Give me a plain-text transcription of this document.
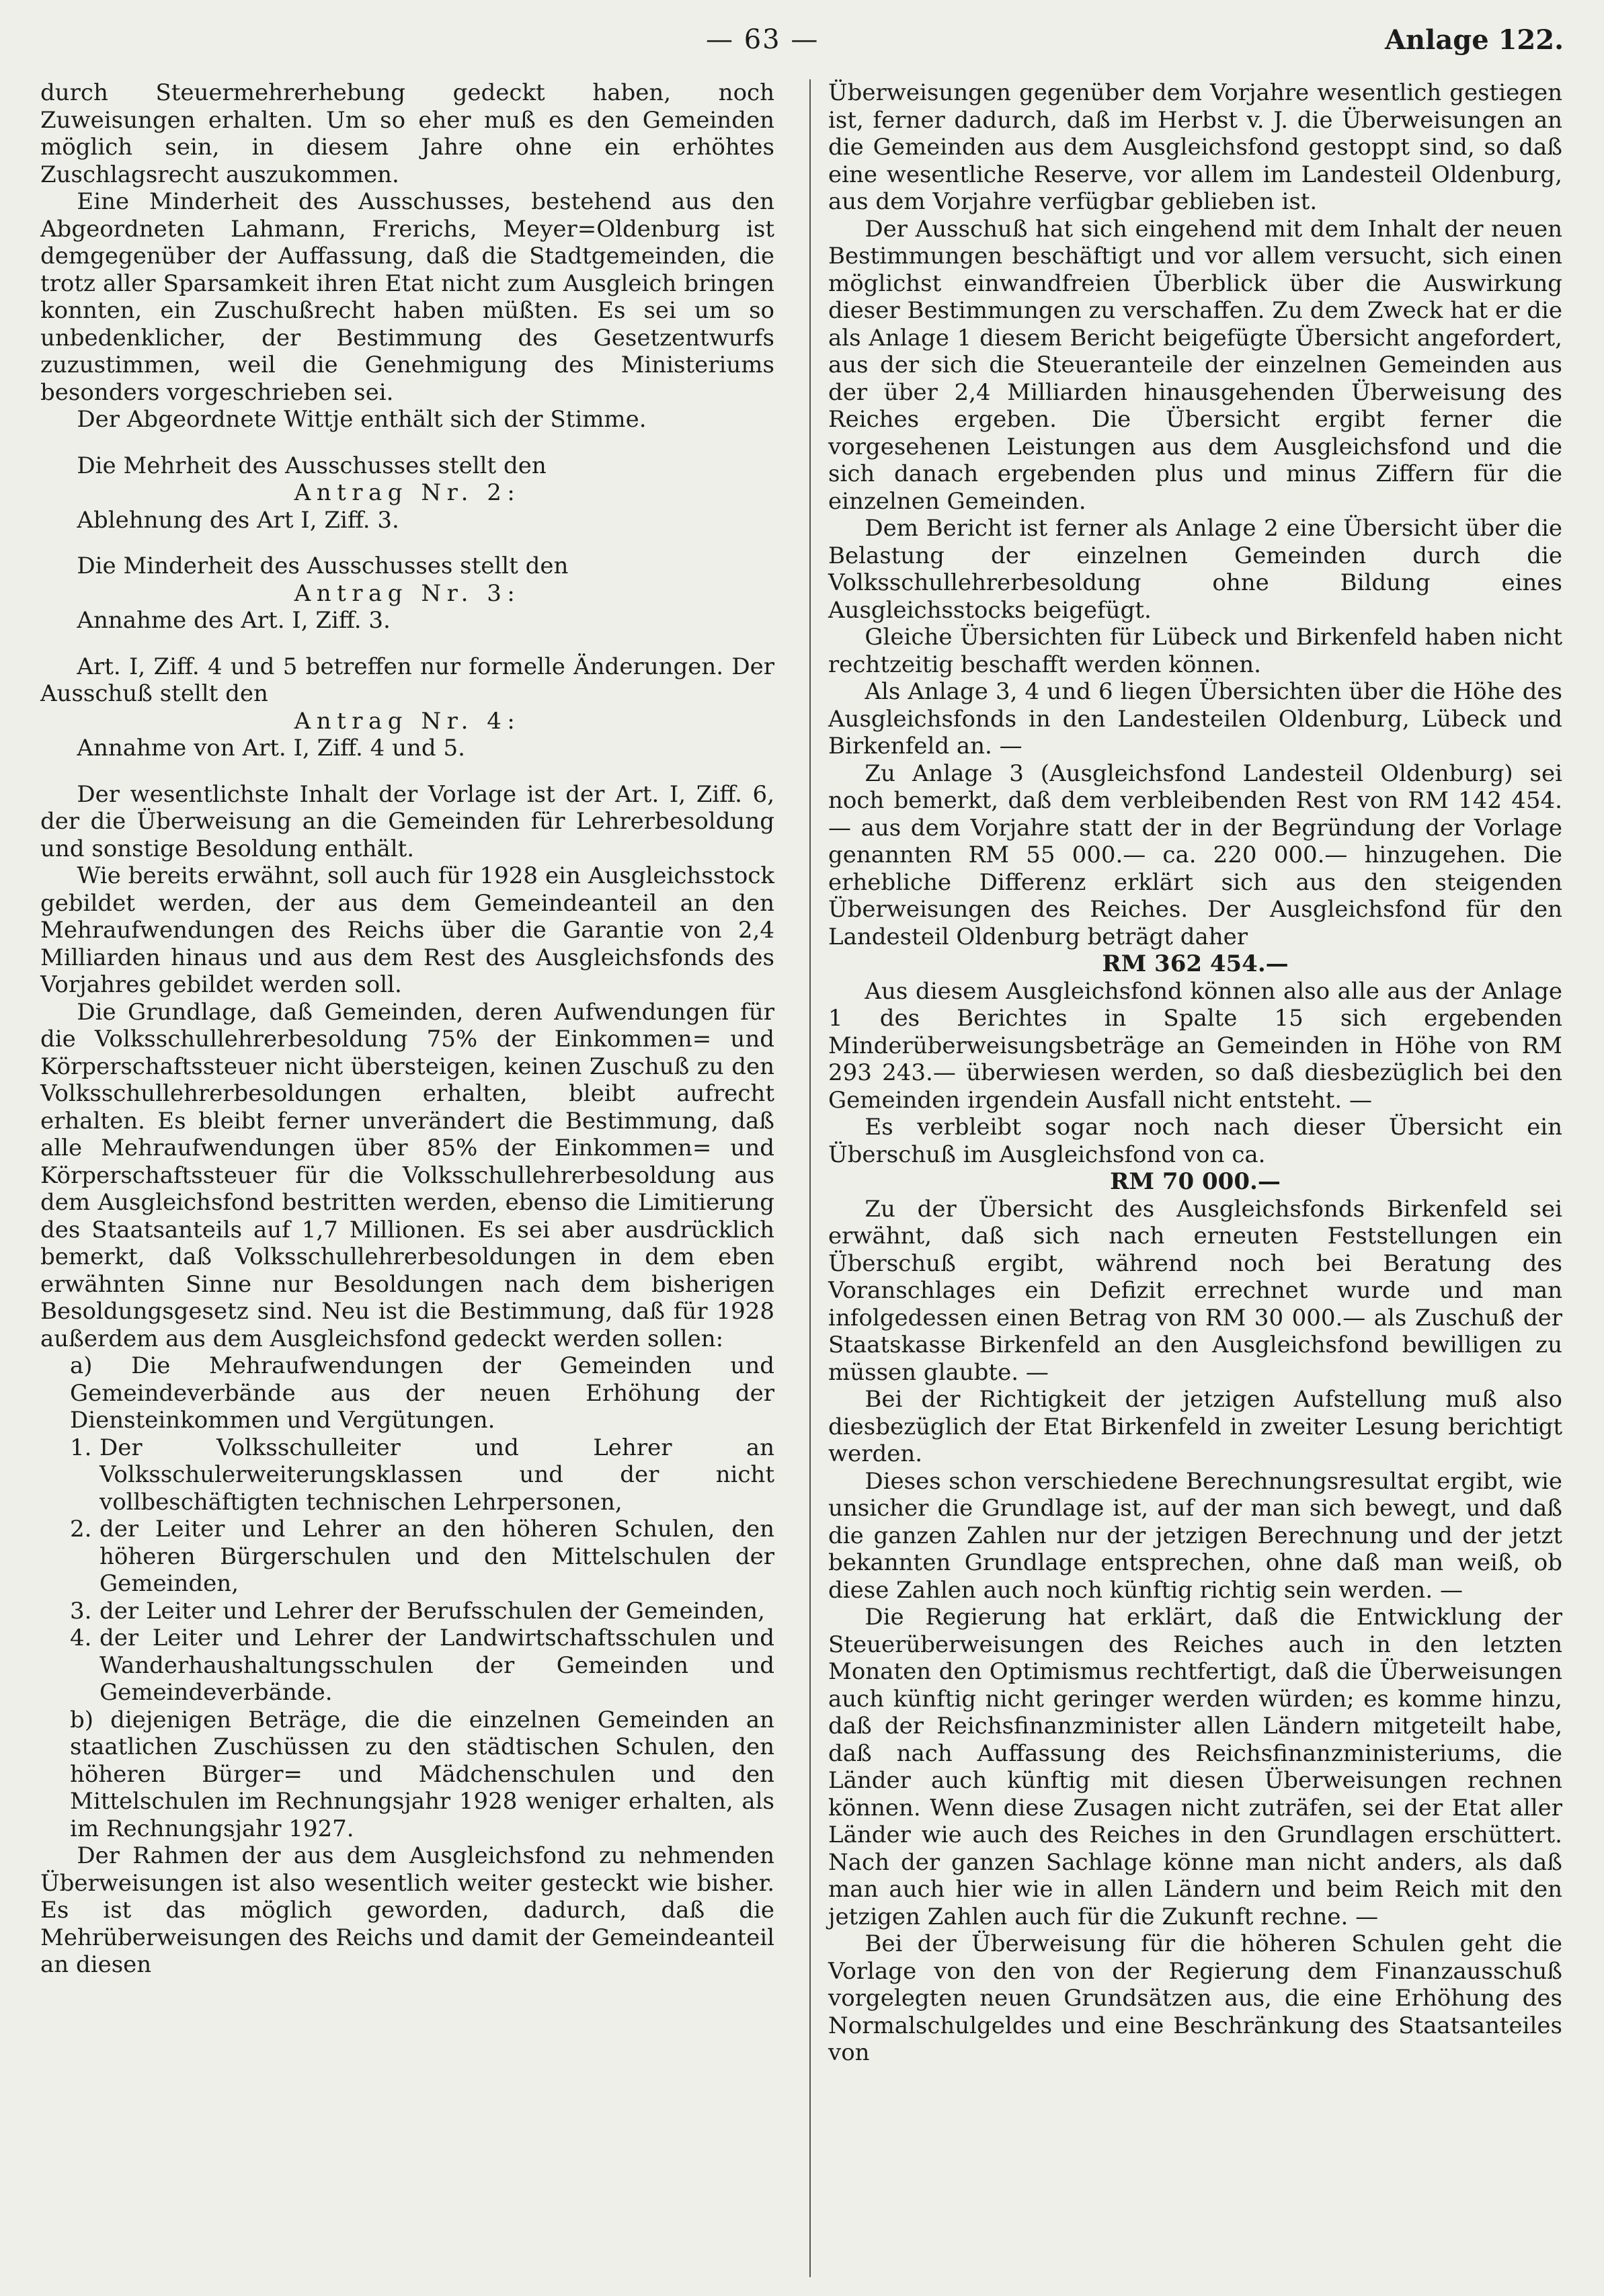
— 63 —	Anlage 122.

durch Steuermehrerhebung gedeckt haben, noch Zuweisungen erhalten. Um so eher muß es den Gemeinden möglich sein, in diesem Jahre ohne ein erhöhtes Zuschlagsrecht auszukommen.

Eine Minderheit des Ausschusses, bestehend aus den Abgeordneten Lahmann, Frerichs, Meyer=Oldenburg ist demgegenüber der Auffassung, daß die Stadtgemeinden, die trotz aller Sparsamkeit ihren Etat nicht zum Ausgleich bringen konnten, ein Zuschußrecht haben müßten. Es sei um so unbedenklicher, der Bestimmung des Gesetzentwurfs zuzustimmen, weil die Genehmigung des Ministeriums besonders vorgeschrieben sei.

Der Abgeordnete Wittje enthält sich der Stimme.

Die Mehrheit des Ausschusses stellt den

Antrag Nr. 2:

Ablehnung des Art I, Ziff. 3.

Die Minderheit des Ausschusses stellt den

Antrag Nr. 3:

Annahme des Art. I, Ziff. 3.

Art. I, Ziff. 4 und 5 betreffen nur formelle Änderungen. Der Ausschuß stellt den

Antrag Nr. 4:

Annahme von Art. I, Ziff. 4 und 5.

Der wesentlichste Inhalt der Vorlage ist der Art. I, Ziff. 6, der die Überweisung an die Gemeinden für Lehrerbesoldung und sonstige Besoldung enthält.

Wie bereits erwähnt, soll auch für 1928 ein Ausgleichsstock gebildet werden, der aus dem Gemeindeanteil an den Mehraufwendungen des Reichs über die Garantie von 2,4 Milliarden hinaus und aus dem Rest des Ausgleichsfonds des Vorjahres gebildet werden soll.

Die Grundlage, daß Gemeinden, deren Aufwendungen für die Volksschullehrerbesoldung 75% der Einkommen= und Körperschaftssteuer nicht übersteigen, keinen Zuschuß zu den Volksschullehrerbesoldungen erhalten, bleibt aufrecht erhalten. Es bleibt ferner unverändert die Bestimmung, daß alle Mehraufwendungen über 85% der Einkommen= und Körperschaftssteuer für die Volksschullehrerbesoldung aus dem Ausgleichsfond bestritten werden, ebenso die Limitierung des Staatsanteils auf 1,7 Millionen. Es sei aber ausdrücklich bemerkt, daß Volksschullehrerbesoldungen in dem eben erwähnten Sinne nur Besoldungen nach dem bisherigen Besoldungsgesetz sind. Neu ist die Bestimmung, daß für 1928 außerdem aus dem Ausgleichsfond gedeckt werden sollen:

a) Die Mehraufwendungen der Gemeinden und Gemeindeverbände aus der neuen Erhöhung der Diensteinkommen und Vergütungen.

1. Der Volksschulleiter und Lehrer an Volksschulerweiterungsklassen und der nicht vollbeschäftigten technischen Lehrpersonen,
2. der Leiter und Lehrer an den höheren Schulen, den höheren Bürgerschulen und den Mittelschulen der Gemeinden,
3. der Leiter und Lehrer der Berufsschulen der Gemeinden,
4. der Leiter und Lehrer der Landwirtschaftsschulen und Wanderhaushaltungsschulen der Gemeinden und Gemeindeverbände.

b) diejenigen Beträge, die die einzelnen Gemeinden an staatlichen Zuschüssen zu den städtischen Schulen, den höheren Bürger= und Mädchenschulen und den Mittelschulen im Rechnungsjahr 1928 weniger erhalten, als im Rechnungsjahr 1927.

Der Rahmen der aus dem Ausgleichsfond zu nehmenden Überweisungen ist also wesentlich weiter gesteckt wie bisher. Es ist das möglich geworden, dadurch, daß die Mehrüberweisungen des Reichs und damit der Gemeindeanteil an diesen

Überweisungen gegenüber dem Vorjahre wesentlich gestiegen ist, ferner dadurch, daß im Herbst v. J. die Überweisungen an die Gemeinden aus dem Ausgleichsfond gestoppt sind, so daß eine wesentliche Reserve, vor allem im Landesteil Oldenburg, aus dem Vorjahre verfügbar geblieben ist.

Der Ausschuß hat sich eingehend mit dem Inhalt der neuen Bestimmungen beschäftigt und vor allem versucht, sich einen möglichst einwandfreien Überblick über die Auswirkung dieser Bestimmungen zu verschaffen. Zu dem Zweck hat er die als Anlage 1 diesem Bericht beigefügte Übersicht angefordert, aus der sich die Steueranteile der einzelnen Gemeinden aus der über 2,4 Milliarden hinausgehenden Überweisung des Reiches ergeben. Die Übersicht ergibt ferner die vorgesehenen Leistungen aus dem Ausgleichsfond und die sich danach ergebenden plus und minus Ziffern für die einzelnen Gemeinden.

Dem Bericht ist ferner als Anlage 2 eine Übersicht über die Belastung der einzelnen Gemeinden durch die Volksschullehrerbesoldung ohne Bildung eines Ausgleichsstocks beigefügt.

Gleiche Übersichten für Lübeck und Birkenfeld haben nicht rechtzeitig beschafft werden können.

Als Anlage 3, 4 und 6 liegen Übersichten über die Höhe des Ausgleichsfonds in den Landesteilen Oldenburg, Lübeck und Birkenfeld an. —

Zu Anlage 3 (Ausgleichsfond Landesteil Oldenburg) sei noch bemerkt, daß dem verbleibenden Rest von RM 142 454.— aus dem Vorjahre statt der in der Begründung der Vorlage genannten RM 55 000.— ca. 220 000.— hinzugehen. Die erhebliche Differenz erklärt sich aus den steigenden Überweisungen des Reiches. Der Ausgleichsfond für den Landesteil Oldenburg beträgt daher

RM 362 454.—

Aus diesem Ausgleichsfond können also alle aus der Anlage 1 des Berichtes in Spalte 15 sich ergebenden Minderüberweisungsbeträge an Gemeinden in Höhe von RM 293 243.— überwiesen werden, so daß diesbezüglich bei den Gemeinden irgendein Ausfall nicht entsteht. —

Es verbleibt sogar noch nach dieser Übersicht ein Überschuß im Ausgleichsfond von ca.

RM 70 000.—

Zu der Übersicht des Ausgleichsfonds Birkenfeld sei erwähnt, daß sich nach erneuten Feststellungen ein Überschuß ergibt, während noch bei Beratung des Voranschlages ein Defizit errechnet wurde und man infolgedessen einen Betrag von RM 30 000.— als Zuschuß der Staatskasse Birkenfeld an den Ausgleichsfond bewilligen zu müssen glaubte. —

Bei der Richtigkeit der jetzigen Aufstellung muß also diesbezüglich der Etat Birkenfeld in zweiter Lesung berichtigt werden.

Dieses schon verschiedene Berechnungsresultat ergibt, wie unsicher die Grundlage ist, auf der man sich bewegt, und daß die ganzen Zahlen nur der jetzigen Berechnung und der jetzt bekannten Grundlage entsprechen, ohne daß man weiß, ob diese Zahlen auch noch künftig richtig sein werden. —

Die Regierung hat erklärt, daß die Entwicklung der Steuerüberweisungen des Reiches auch in den letzten Monaten den Optimismus rechtfertigt, daß die Überweisungen auch künftig nicht geringer werden würden; es komme hinzu, daß der Reichsfinanzminister allen Ländern mitgeteilt habe, daß nach Auffassung des Reichsfinanzministeriums, die Länder auch künftig mit diesen Überweisungen rechnen können. Wenn diese Zusagen nicht zuträfen, sei der Etat aller Länder wie auch des Reiches in den Grundlagen erschüttert. Nach der ganzen Sachlage könne man nicht anders, als daß man auch hier wie in allen Ländern und beim Reich mit den jetzigen Zahlen auch für die Zukunft rechne. —

Bei der Überweisung für die höheren Schulen geht die Vorlage von den von der Regierung dem Finanzausschuß vorgelegten neuen Grundsätzen aus, die eine Erhöhung des Normalschulgeldes und eine Beschränkung des Staatsanteiles von
